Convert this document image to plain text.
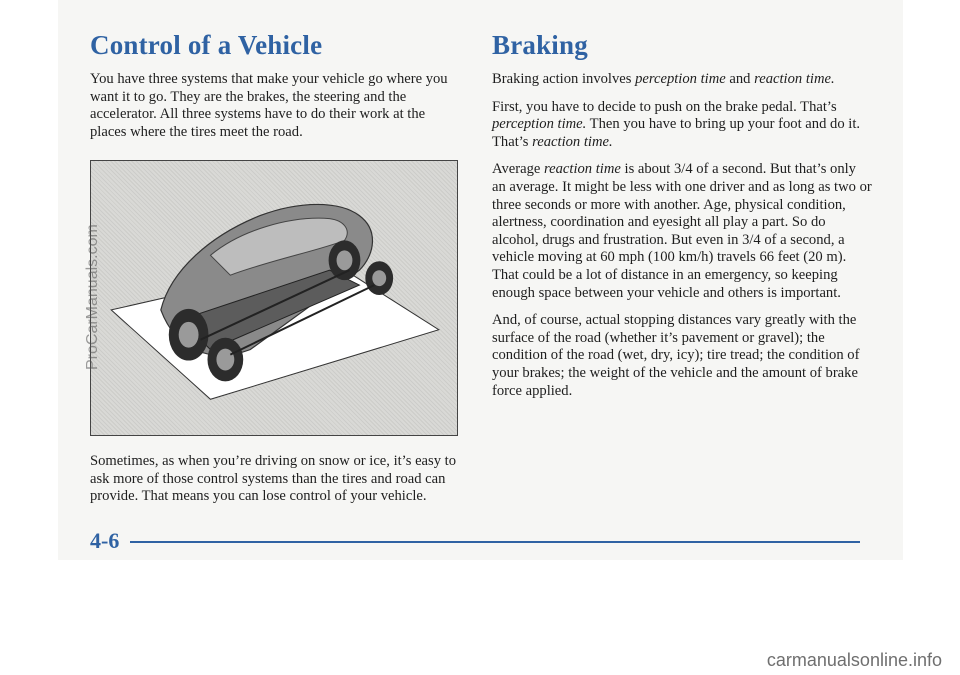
Control of a Vehicle

You have three systems that make your vehicle go where you want it to go. They are the brakes, the steering and the accelerator. All three systems have to do their work at the places where the tires meet the road.

Sometimes, as when you’re driving on snow or ice, it’s easy to ask more of those control systems than the tires and road can provide. That means you can lose control of your vehicle.

Braking

Braking action involves perception time and reaction time.

First, you have to decide to push on the brake pedal. That’s perception time. Then you have to bring up your foot and do it. That’s reaction time.

Average reaction time is about 3/4 of a second. But that’s only an average. It might be less with one driver and as long as two or three seconds or more with another. Age, physical condition, alertness, coordination and eyesight all play a part. So do alcohol, drugs and frustration. But even in 3/4 of a second, a vehicle moving at 60 mph (100 km/h) travels 66 feet (20 m). That could be a lot of distance in an emergency, so keeping enough space between your vehicle and others is important.

And, of course, actual stopping distances vary greatly with the surface of the road (whether it’s pavement or gravel); the condition of the road (wet, dry, icy); tire tread; the condition of your brakes; the weight of the vehicle and the amount of brake force applied.

4-6
ProCarManuals.com
carmanualsonline.info
